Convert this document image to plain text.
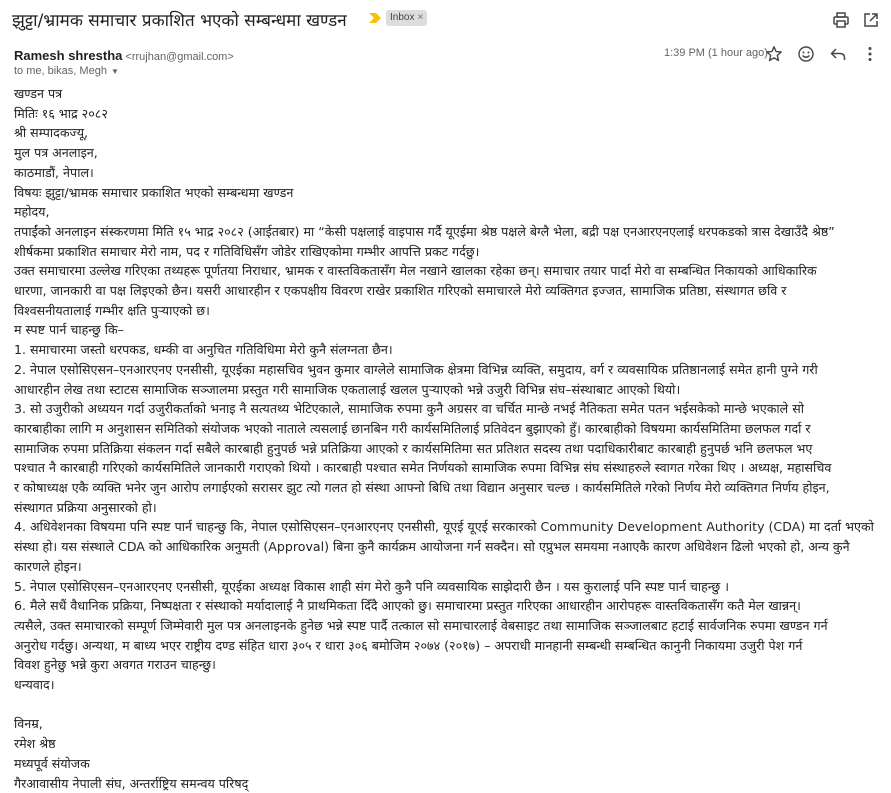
झुट्टा/भ्रामक समाचार प्रकाशित भएको सम्बन्धमा खण्डन	Inbox ×
Ramesh shrestha <rrujhan@gmail.com>
to me, bikas, Megh ▼
1:39 PM (1 hour ago)

खण्डन पत्र

मितिः १६ भाद्र २०८२

श्री सम्पादकज्यू,

मुल पत्र अनलाइन,

काठमाडौं, नेपाल।

विषयः झुट्टा/भ्रामक समाचार प्रकाशित भएको सम्बन्धमा खण्डन

महोदय,

तपाईंको अनलाइन संस्करणमा मिति १५ भाद्र २०८२ (आईतबार) मा “केसी पक्षलाई वाइपास गर्दै यूएईमा श्रेष्ठ पक्षले बेग्लै भेला, बद्री पक्ष एनआरएनएलाई धरपकडको त्रास देखाउँदै श्रेष्ठ”

शीर्षकमा प्रकाशित समाचार मेरो नाम, पद र गतिविधिसँग जोडेर राखिएकोमा गम्भीर आपत्ति प्रकट गर्दछु।

उक्त समाचारमा उल्लेख गरिएका तथ्यहरू पूर्णतया निराधार, भ्रामक र वास्तविकतासँग मेल नखाने खालका रहेका छन्। समाचार तयार पार्दा मेरो वा सम्बन्धित निकायको आधिकारिक

धारणा, जानकारी वा पक्ष लिइएको छैन। यसरी आधारहीन र एकपक्षीय विवरण राखेर प्रकाशित गरिएको समाचारले मेरो व्यक्तिगत इज्जत, सामाजिक प्रतिष्ठा, संस्थागत छवि र

विश्वसनीयतालाई गम्भीर क्षति पुऱ्याएको छ।

म स्पष्ट पार्न चाहन्छु कि–

1. समाचारमा जस्तो धरपकड, धम्की वा अनुचित गतिविधिमा मेरो कुनै संलग्नता छैन।

2. नेपाल एसोसिएसन–एनआरएनए एनसीसी, यूएईका महासचिव भुवन कुमार वाग्लेले सामाजिक क्षेत्रमा विभिन्न व्यक्ति, समुदाय, वर्ग र व्यवसायिक प्रतिष्ठानलाई समेत हानी पुग्ने गरी

आधारहीन लेख तथा स्टाटस सामाजिक सञ्जालमा प्रस्तुत गरी सामाजिक एकतालाई खलल पुऱ्याएको भन्ने उजुरी विभिन्न संघ–संस्थाबाट आएको थियो।

3. सो उजुरीको अध्ययन गर्दा उजुरीकर्ताको भनाइ नै सत्यतथ्य भेटिएकाले, सामाजिक रुपमा कुनै अग्रसर वा चर्चित मान्छे नभई नैतिकता समेत पतन भईसकेको मान्छे भएकाले सो

कारबाहीका लागि म अनुशासन समितिको संयोजक भएको नाताले त्यसलाई छानबिन गरी कार्यसमितिलाई प्रतिवेदन बुझाएको हुँ। कारबाहीको विषयमा कार्यसमितिमा छलफल गर्दा र

सामाजिक रुपमा प्रतिक्रिया संकलन गर्दा सबैले कारबाही हुनुपर्छ भन्ने प्रतिक्रिया आएको र कार्यसमितिमा सत प्रतिशत सदस्य तथा पदाधिकारीबाट कारबाही हुनुपर्छ भनि छलफल भए

पश्चात नै कारबाही गरिएको कार्यसमितिले जानकारी गराएको थियो । कारबाही पश्चात समेत निर्णयको सामाजिक रुपमा विभिन्न संघ संस्थाहरुले स्वागत गरेका थिए । अध्यक्ष, महासचिव

र कोषाध्यक्ष एकै व्यक्ति भनेर जुन आरोप लगाईएको सरासर झुट त्यो गलत हो संस्था आफ्नो बिधि तथा विद्यान अनुसार चल्छ । कार्यसमितिले गरेको निर्णय मेरो व्यक्तिगत निर्णय होइन,

संस्थागत प्रक्रिया अनुसारको हो।

4. अधिवेशनका विषयमा पनि स्पष्ट पार्न चाहन्छु कि, नेपाल एसोसिएसन–एनआरएनए एनसीसी, यूएई यूएई सरकारको Community Development Authority (CDA) मा दर्ता भएको

संस्था हो। यस संस्थाले CDA को आधिकारिक अनुमती (Approval) बिना कुनै कार्यक्रम आयोजना गर्न सक्दैन। सो एप्रुभल समयमा नआएकै कारण अधिवेशन ढिलो भएको हो, अन्य कुनै

कारणले होइन।

5. नेपाल एसोसिएसन–एनआरएनए एनसीसी, यूएईका अध्यक्ष विकास शाही संग मेरो कुनै पनि व्यवसायिक साझेदारी छैन । यस कुरालाई पनि स्पष्ट पार्न चाहन्छु ।

6. मैले सधैं वैधानिक प्रक्रिया, निष्पक्षता र संस्थाको मर्यादालाई नै प्राथमिकता दिँदै आएको छु। समाचारमा प्रस्तुत गरिएका आधारहीन आरोपहरू वास्तविकतासँग कतै मेल खान्नन्।

त्यसैले, उक्त समाचारको सम्पूर्ण जिम्मेवारी मुल पत्र अनलाइनके हुनेछ भन्ने स्पष्ट पार्दै तत्काल सो समाचारलाई वेबसाइट तथा सामाजिक सञ्जालबाट हटाई सार्वजनिक रुपमा खण्डन गर्न

अनुरोध गर्दछु। अन्यथा, म बाध्य भएर राष्ट्रीय दण्ड संहित धारा ३०५ र धारा ३०६ बमोजिम २०७४ (२०१७) – अपराधी मानहानी सम्बन्धी सम्बन्धित कानुनी निकायमा उजुरी पेश गर्न

विवश हुनेछु भन्ने कुरा अवगत गराउन चाहन्छु।

धन्यवाद।

विनम्र,

रमेश श्रेष्ठ

मध्यपूर्व संयोजक

गैरआवासीय नेपाली संघ, अन्तर्राष्ट्रिय समन्वय परिषद्
